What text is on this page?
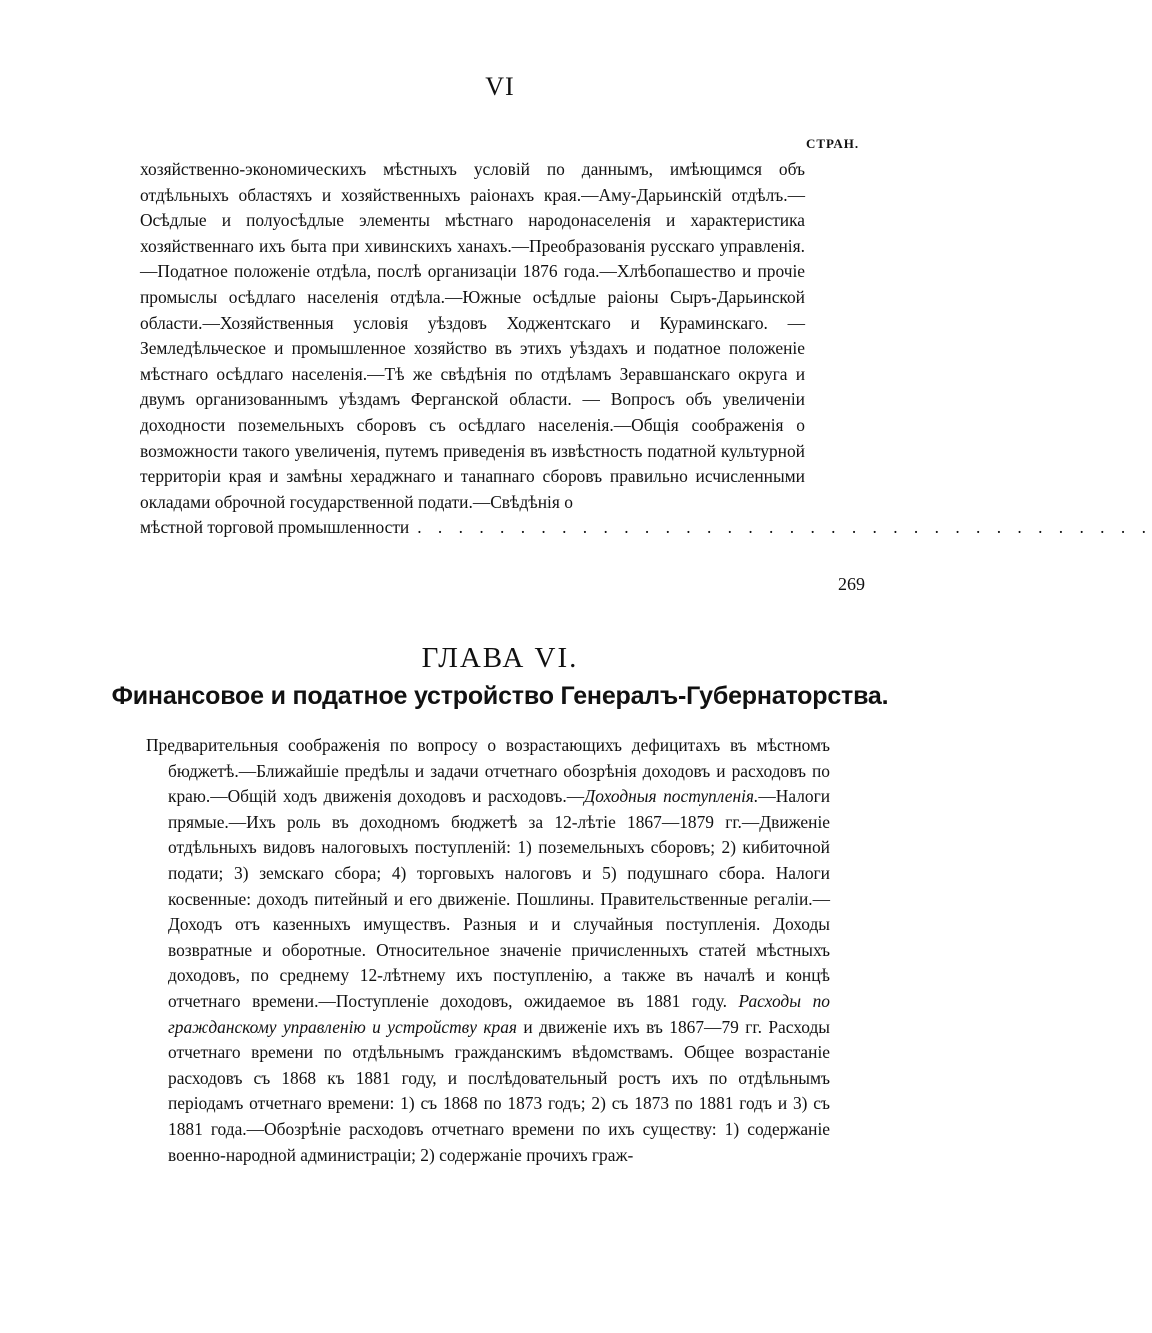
VI
СТРАН.
хозяйственно-экономическихъ мѣстныхъ условій по даннымъ, имѣющимся объ отдѣльныхъ областяхъ и хозяйственныхъ раіонахъ края.—Аму-Дарьинскій отдѣлъ.—Осѣдлые и полуосѣдлые элементы мѣстнаго народонаселенія и характеристика хозяйственнаго ихъ быта при хивинскихъ ханахъ.—Преобразованія русскаго управленія.—Податное положеніе отдѣла, послѣ организаціи 1876 года.—Хлѣбопашество и прочіе промыслы осѣдлаго населенія отдѣла.—Южные осѣдлые раіоны Сыръ-Дарьинской области.—Хозяйственныя условія уѣздовъ Ходжентскаго и Кураминскаго. — Земледѣльческое и промышленное хозяйство въ этихъ уѣздахъ и податное положеніе мѣстнаго осѣдлаго населенія.—Тѣ же свѣдѣнія по отдѣламъ Зеравшанскаго округа и двумъ организованнымъ уѣздамъ Ферганской области. — Вопросъ объ увеличеніи доходности поземельныхъ сборовъ съ осѣдлаго населенія.—Общія соображенія о возможности такого увеличенія, путемъ приведенія въ извѣстность податной культурной территоріи края и замѣны хераджнаго и танапнаго сборовъ правильно исчисленными окладами оброчной государственной подати.—Свѣдѣнія о
мѣстной торговой промышленности . . . . . . . . . . . . . . . . . . . . . . . . . . . . . . . . . . . .
269
ГЛАВА VI.
Финансовое и податное устройство Генералъ-Губернаторства.
Предварительныя соображенія по вопросу о возрастающихъ дефицитахъ въ мѣстномъ бюджетѣ.—Ближайшіе предѣлы и задачи отчетнаго обозрѣнія доходовъ и расходовъ по краю.—Общій ходъ движенія доходовъ и расходовъ.—Доходныя поступленія.—Налоги прямые.—Ихъ роль въ доходномъ бюджетѣ за 12-лѣтіе 1867—1879 гг.—Движеніе отдѣльныхъ видовъ налоговыхъ поступленій: 1) поземельныхъ сборовъ; 2) кибиточной подати; 3) земскаго сбора; 4) торговыхъ налоговъ и 5) подушнаго сбора. Налоги косвенные: доходъ питейный и его движеніе. Пошлины. Правительственные регаліи.—Доходъ отъ казенныхъ имуществъ. Разныя и и случайныя поступленія. Доходы возвратные и оборотные. Относительное значеніе причисленныхъ статей мѣстныхъ доходовъ, по среднему 12-лѣтнему ихъ поступленію, а также въ началѣ и концѣ отчетнаго времени.—Поступленіе доходовъ, ожидаемое въ 1881 году. Расходы по гражданскому управленію и устройству края и движеніе ихъ въ 1867—79 гг. Расходы отчетнаго времени по отдѣльнымъ гражданскимъ вѣдомствамъ. Общее возрастаніе расходовъ съ 1868 къ 1881 году, и послѣдовательный ростъ ихъ по отдѣльнымъ періодамъ отчетнаго времени: 1) съ 1868 по 1873 годъ; 2) съ 1873 по 1881 годъ и 3) съ 1881 года.—Обозрѣніе расходовъ отчетнаго времени по ихъ существу: 1) содержаніе военно-народной администраціи; 2) содержаніе прочихъ граж-
